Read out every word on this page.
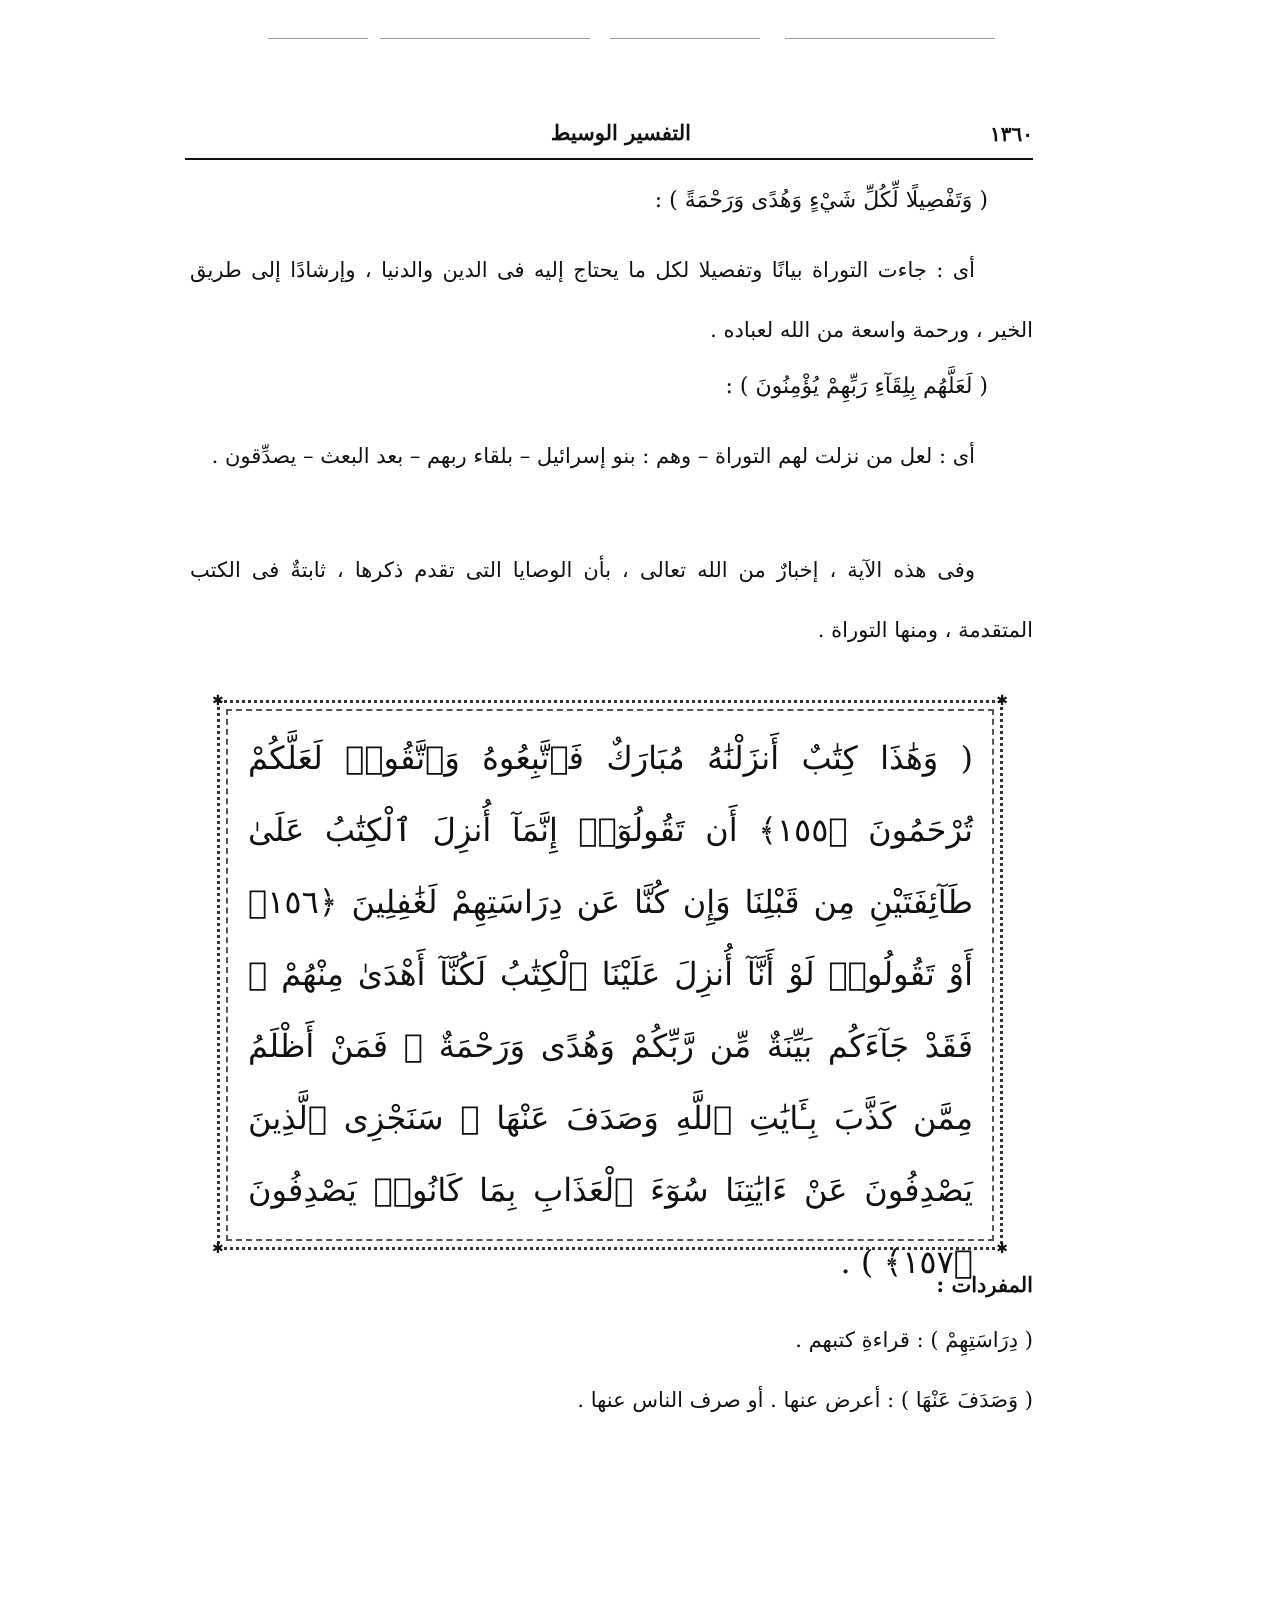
١٣٦٠
التفسير الوسيط
( وَتَفْصِيلًا لِّكُلِّ شَيْءٍ وَهُدًى وَرَحْمَةً ) :

أى : جاءت التوراة بيانًا وتفصيلا لكل ما يحتاج إليه فى الدين والدنيا ، وإرشادًا إلى طريق الخير ، ورحمة واسعة من الله لعباده .

( لَعَلَّهُم بِلِقَآءِ رَبِّهِمْ يُؤْمِنُونَ ) :

أى : لعل من نزلت لهم التوراة – وهم : بنو إسرائيل – بلقاء ربهم – بعد البعث – يصدِّقون .

وفى هذه الآية ، إخبارٌ من الله تعالى ، بأن الوصايا التى تقدم ذكرها ، ثابتةٌ فى الكتب المتقدمة ، ومنها التوراة .

✱	✱
✱	✱

( وَهَٰذَا كِتَٰبٌ أَنزَلْنَٰهُ مُبَارَكٌ فَٱتَّبِعُوهُ وَٱتَّقُوا۟ لَعَلَّكُمْ تُرْحَمُونَ ﴿١٥٥﴾ أَن تَقُولُوٓا۟ إِنَّمَآ أُنزِلَ ٱلْكِتَٰبُ عَلَىٰ طَآئِفَتَيْنِ مِن قَبْلِنَا وَإِن كُنَّا عَن دِرَاسَتِهِمْ لَغَٰفِلِينَ ﴿١٥٦﴾ أَوْ تَقُولُوا۟ لَوْ أَنَّآ أُنزِلَ عَلَيْنَا ٱلْكِتَٰبُ لَكُنَّآ أَهْدَىٰ مِنْهُمْ ۚ فَقَدْ جَآءَكُم بَيِّنَةٌ مِّن رَّبِّكُمْ وَهُدًى وَرَحْمَةٌ ۚ فَمَنْ أَظْلَمُ مِمَّن كَذَّبَ بِـَٔايَٰتِ ٱللَّهِ وَصَدَفَ عَنْهَا ۗ سَنَجْزِى ٱلَّذِينَ يَصْدِفُونَ عَنْ ءَايَٰتِنَا سُوٓءَ ٱلْعَذَابِ بِمَا كَانُوا۟ يَصْدِفُونَ ﴿١٥٧﴾ ) .

المفردات :
( دِرَاسَتِهِمْ ) : قراءةِ كتبهم .
( وَصَدَفَ عَنْهَا ) : أعرض عنها . أو صرف الناس عنها .
